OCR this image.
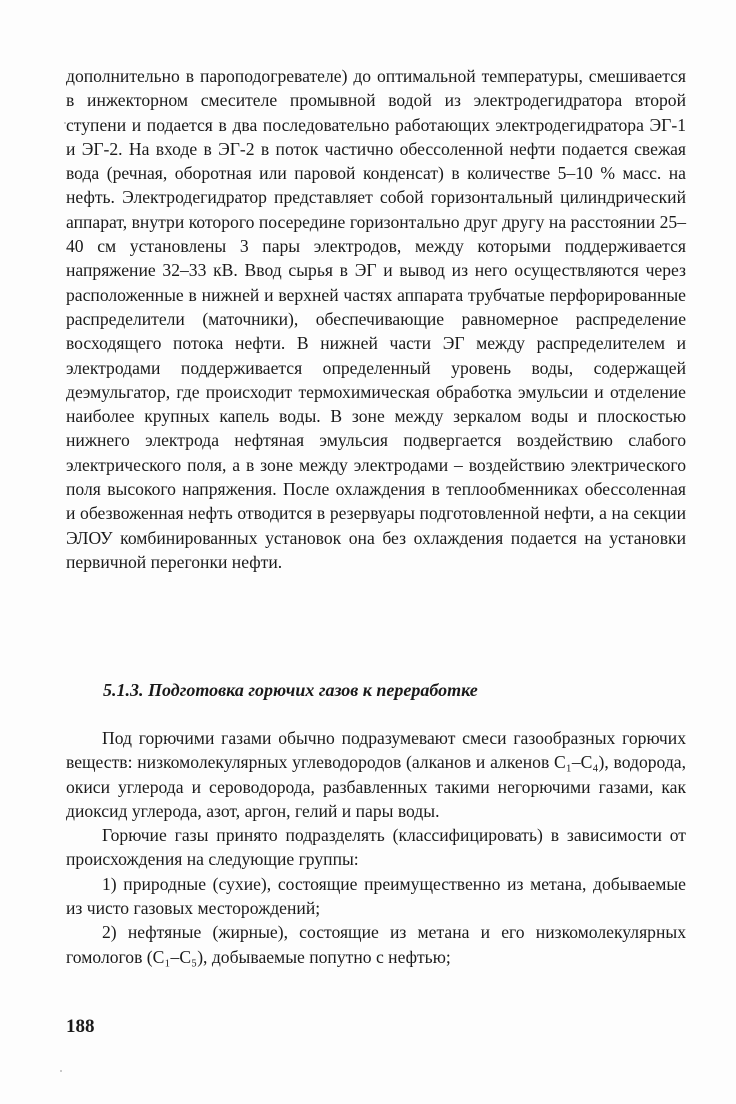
дополнительно в пароподогревателе) до оптимальной температуры, смешивается в инжекторном смесителе промывной водой из электродегидратора второй ступени и подается в два последовательно работающих электродегидратора ЭГ-1 и ЭГ-2. На входе в ЭГ-2 в поток частично обессоленной нефти подается свежая вода (речная, оборотная или паровой конденсат) в количестве 5–10 % масс. на нефть. Электродегидратор представляет собой горизонтальный цилиндрический аппарат, внутри которого посередине горизонтально друг другу на расстоянии 25–40 см установлены 3 пары электродов, между которыми поддерживается напряжение 32–33 кВ. Ввод сырья в ЭГ и вывод из него осуществляются через расположенные в нижней и верхней частях аппарата трубчатые перфорированные распределители (маточники), обеспечивающие равномерное распределение восходящего потока нефти. В нижней части ЭГ между распределителем и электродами поддерживается определенный уровень воды, содержащей деэмульгатор, где происходит термохимическая обработка эмульсии и отделение наиболее крупных капель воды. В зоне между зеркалом воды и плоскостью нижнего электрода нефтяная эмульсия подвергается воздействию слабого электрического поля, а в зоне между электродами – воздействию электрического поля высокого напряжения. После охлаждения в теплообменниках обессоленная и обезвоженная нефть отводится в резервуары подготовленной нефти, а на секции ЭЛОУ комбинированных установок она без охлаждения подается на установки первичной перегонки нефти.

5.1.3. Подготовка горючих газов к переработке

Под горючими газами обычно подразумевают смеси газообразных горючих веществ: низкомолекулярных углеводородов (алканов и алкенов С₁–С₄), водорода, окиси углерода и сероводорода, разбавленных такими негорючими газами, как диоксид углерода, азот, аргон, гелий и пары воды.

Горючие газы принято подразделять (классифицировать) в зависимости от происхождения на следующие группы:

1) природные (сухие), состоящие преимущественно из метана, добываемые из чисто газовых месторождений;

2) нефтяные (жирные), состоящие из метана и его низкомолекулярных гомологов (С₁–С₅), добываемые попутно с нефтью;

188
